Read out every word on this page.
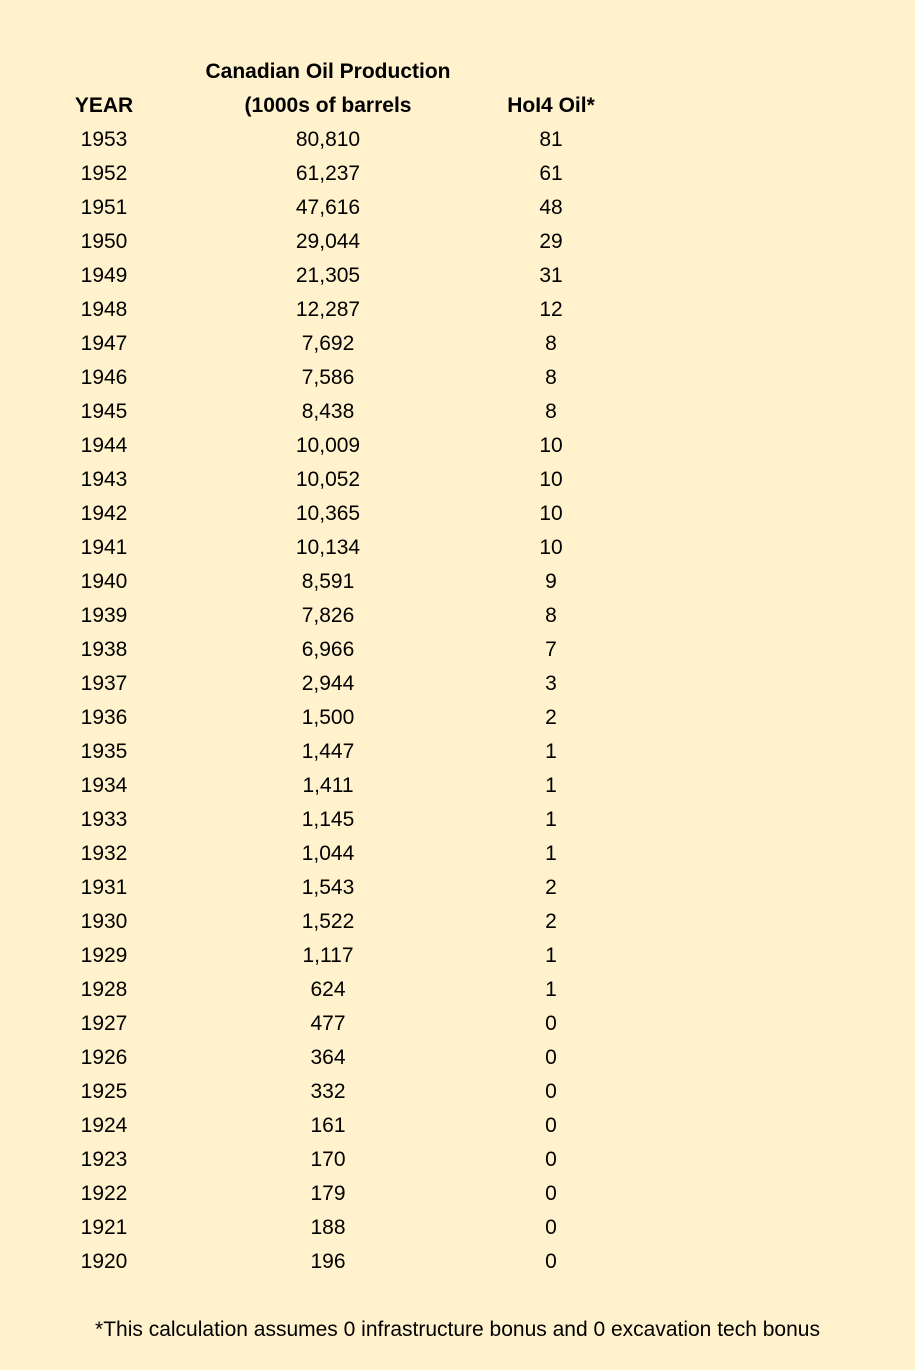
YEAR
Canadian Oil Production
(1000s of barrels	HoI4 Oil*
1953	80,810	81
1952	61,237	61
1951	47,616	48
1950	29,044	29
1949	21,305	31
1948	12,287	12
1947	7,692	8
1946	7,586	8
1945	8,438	8
1944	10,009	10
1943	10,052	10
1942	10,365	10
1941	10,134	10
1940	8,591	9
1939	7,826	8
1938	6,966	7
1937	2,944	3
1936	1,500	2
1935	1,447	1
1934	1,411	1
1933	1,145	1
1932	1,044	1
1931	1,543	2
1930	1,522	2
1929	1,117	1
1928	624	1
1927	477	0
1926	364	0
1925	332	0
1924	161	0
1923	170	0
1922	179	0
1921	188	0
1920	196	0
*This calculation assumes 0 infrastructure bonus and 0 excavation tech bonus
